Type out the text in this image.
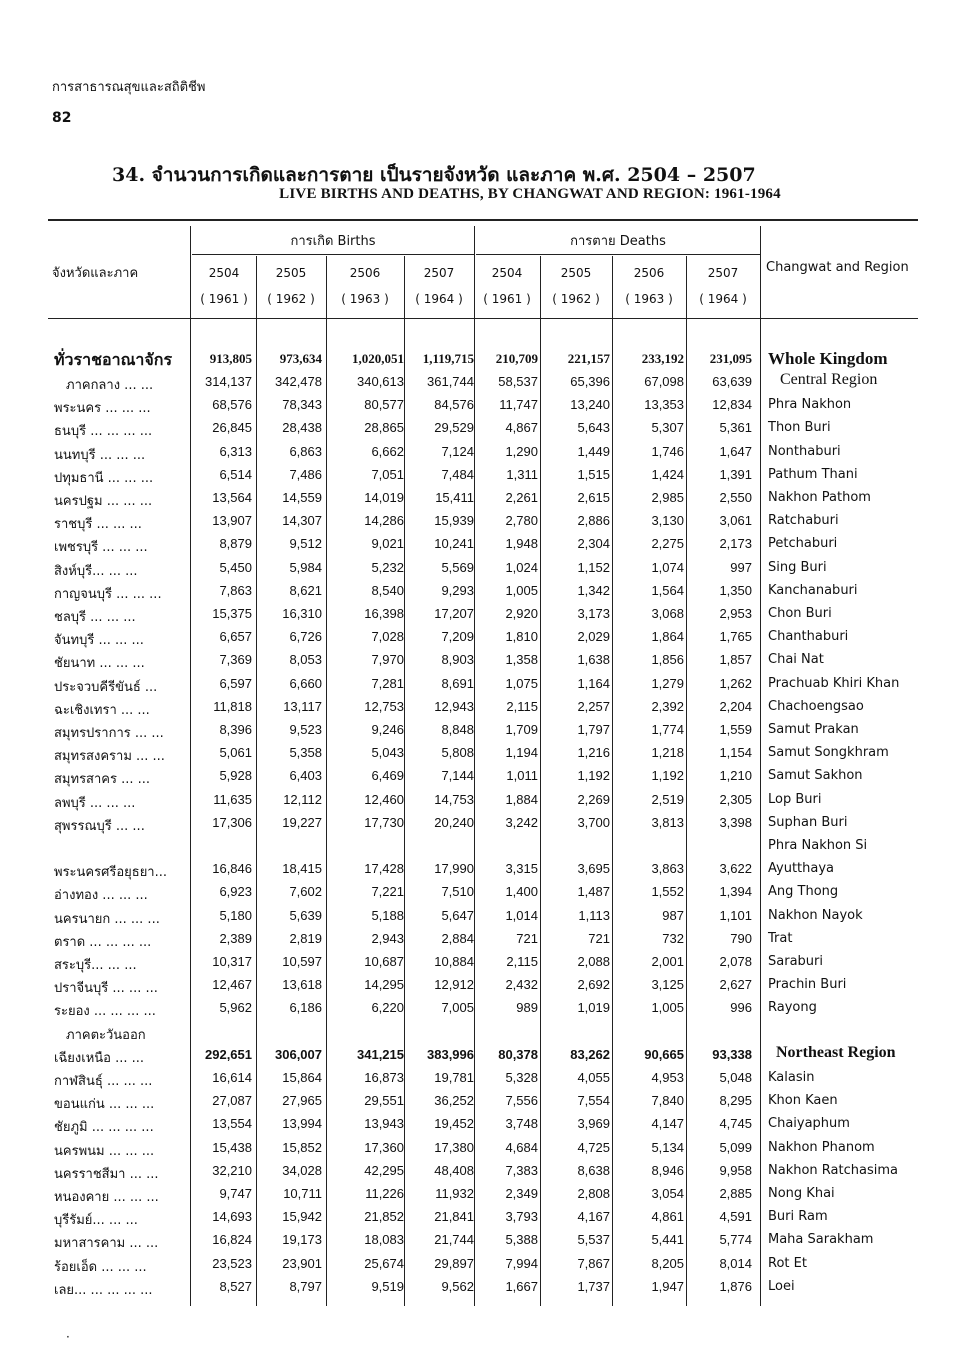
การสาธารณสุขและสถิติชีพ
82
34. จำนวนการเกิดและการตาย เป็นรายจังหวัด และภาค พ.ศ. 2504 – 2507
LIVE BIRTHS AND DEATHS, BY CHANGWAT AND REGION: 1961-1964
การเกิด Births	การตาย Deaths
จังหวัดและภาค	Changwat and Region
2504	2505	2506	2507	2504	2505	2506	2507
( 1961 )	( 1962 )	( 1963 )	( 1964 )	( 1961 )	( 1962 )	( 1963 )	( 1964 )
ทั่วราชอาณาจักร	913,805	973,634	1,020,051	1,119,715	210,709	221,157	233,192	231,095 Whole Kingdom
ภาคกลาง ... ...	314,137	342,478	340,613	361,744	58,537	65,396	67,098	63,639 Central Region
พระนคร ... ... ...	68,576	78,343	80,577	84,576	11,747	13,240	13,353	12,834 Phra Nakhon
ธนบุรี ... ... ... ...	26,845	28,438	28,865	29,529	4,867	5,643	5,307	5,361 Thon Buri
นนทบุรี ... ... ...	6,313	6,863	6,662	7,124	1,290	1,449	1,746	1,647 Nonthaburi
ปทุมธานี ... ... ...	6,514	7,486	7,051	7,484	1,311	1,515	1,424	1,391 Pathum Thani
นครปฐม ... ... ...	13,564	14,559	14,019	15,411	2,261	2,615	2,985	2,550 Nakhon Pathom
ราชบุรี ... ... ...	13,907	14,307	14,286	15,939	2,780	2,886	3,130	3,061 Ratchaburi
เพชรบุรี ... ... ...	8,879	9,512	9,021	10,241	1,948	2,304	2,275	2,173 Petchaburi
สิงห์บุรี... ... ...	5,450	5,984	5,232	5,569	1,024	1,152	1,074	997 Sing Buri
กาญจนบุรี ... ... ...	7,863	8,621	8,540	9,293	1,005	1,342	1,564	1,350 Kanchanaburi
ชลบุรี ... ... ...	15,375	16,310	16,398	17,207	2,920	3,173	3,068	2,953 Chon Buri
จันทบุรี ... ... ...	6,657	6,726	7,028	7,209	1,810	2,029	1,864	1,765 Chanthaburi
ชัยนาท ... ... ...	7,369	8,053	7,970	8,903	1,358	1,638	1,856	1,857 Chai Nat
ประจวบคีรีขันธ์ ...	6,597	6,660	7,281	8,691	1,075	1,164	1,279	1,262 Prachuab Khiri Khan
ฉะเชิงเทรา ... ...	11,818	13,117	12,753	12,943	2,115	2,257	2,392	2,204 Chachoengsao
สมุทรปราการ ... ...	8,396	9,523	9,246	8,848	1,709	1,797	1,774	1,559 Samut Prakan
สมุทรสงคราม ... ...	5,061	5,358	5,043	5,808	1,194	1,216	1,218	1,154 Samut Songkhram
สมุทรสาคร ... ...	5,928	6,403	6,469	7,144	1,011	1,192	1,192	1,210 Samut Sakhon
ลพบุรี ... ... ...	11,635	12,112	12,460	14,753	1,884	2,269	2,519	2,305 Lop Buri
สุพรรณบุรี ... ...	17,306	19,227	17,730	20,240	3,242	3,700	3,813	3,398 Suphan Buri
Phra Nakhon Si
พระนครศรีอยุธยา...	16,846	18,415	17,428	17,990	3,315	3,695	3,863	3,622 Ayutthaya
อ่างทอง ... ... ...	6,923	7,602	7,221	7,510	1,400	1,487	1,552	1,394 Ang Thong
นครนายก ... ... ...	5,180	5,639	5,188	5,647	1,014	1,113	987	1,101 Nakhon Nayok
ตราด ... ... ... ...	2,389	2,819	2,943	2,884	721	721	732	790 Trat
สระบุรี... ... ...	10,317	10,597	10,687	10,884	2,115	2,088	2,001	2,078 Saraburi
ปราจีนบุรี ... ... ...	12,467	13,618	14,295	12,912	2,432	2,692	3,125	2,627 Prachin Buri
ระยอง ... ... ... ...	5,962	6,186	6,220	7,005	989	1,019	1,005	996 Rayong
ภาคตะวันออก
เฉียงเหนือ ... ...	292,651	306,007	341,215	383,996	80,378	83,262	90,665	93,338 Northeast Region
กาฬสินธุ์ ... ... ...	16,614	15,864	16,873	19,781	5,328	4,055	4,953	5,048 Kalasin
ขอนแก่น ... ... ...	27,087	27,965	29,551	36,252	7,556	7,554	7,840	8,295 Khon Kaen
ชัยภูมิ ... ... ... ...	13,554	13,994	13,943	19,452	3,748	3,969	4,147	4,745 Chaiyaphum
นครพนม ... ... ...	15,438	15,852	17,360	17,380	4,684	4,725	5,134	5,099 Nakhon Phanom
นครราชสีมา ... ...	32,210	34,028	42,295	48,408	7,383	8,638	8,946	9,958 Nakhon Ratchasima
หนองคาย ... ... ...	9,747	10,711	11,226	11,932	2,349	2,808	3,054	2,885 Nong Khai
บุรีรัมย์... ... ...	14,693	15,942	21,852	21,841	3,793	4,167	4,861	4,591 Buri Ram
มหาสารคาม ... ...	16,824	19,173	18,083	21,744	5,388	5,537	5,441	5,774 Maha Sarakham
ร้อยเอ็ด ... ... ...	23,523	23,901	25,674	29,897	7,994	7,867	8,205	8,014 Rot Et
เลย... ... ... ... ...	8,527	8,797	9,519	9,562	1,667	1,737	1,947	1,876 Loei
·
